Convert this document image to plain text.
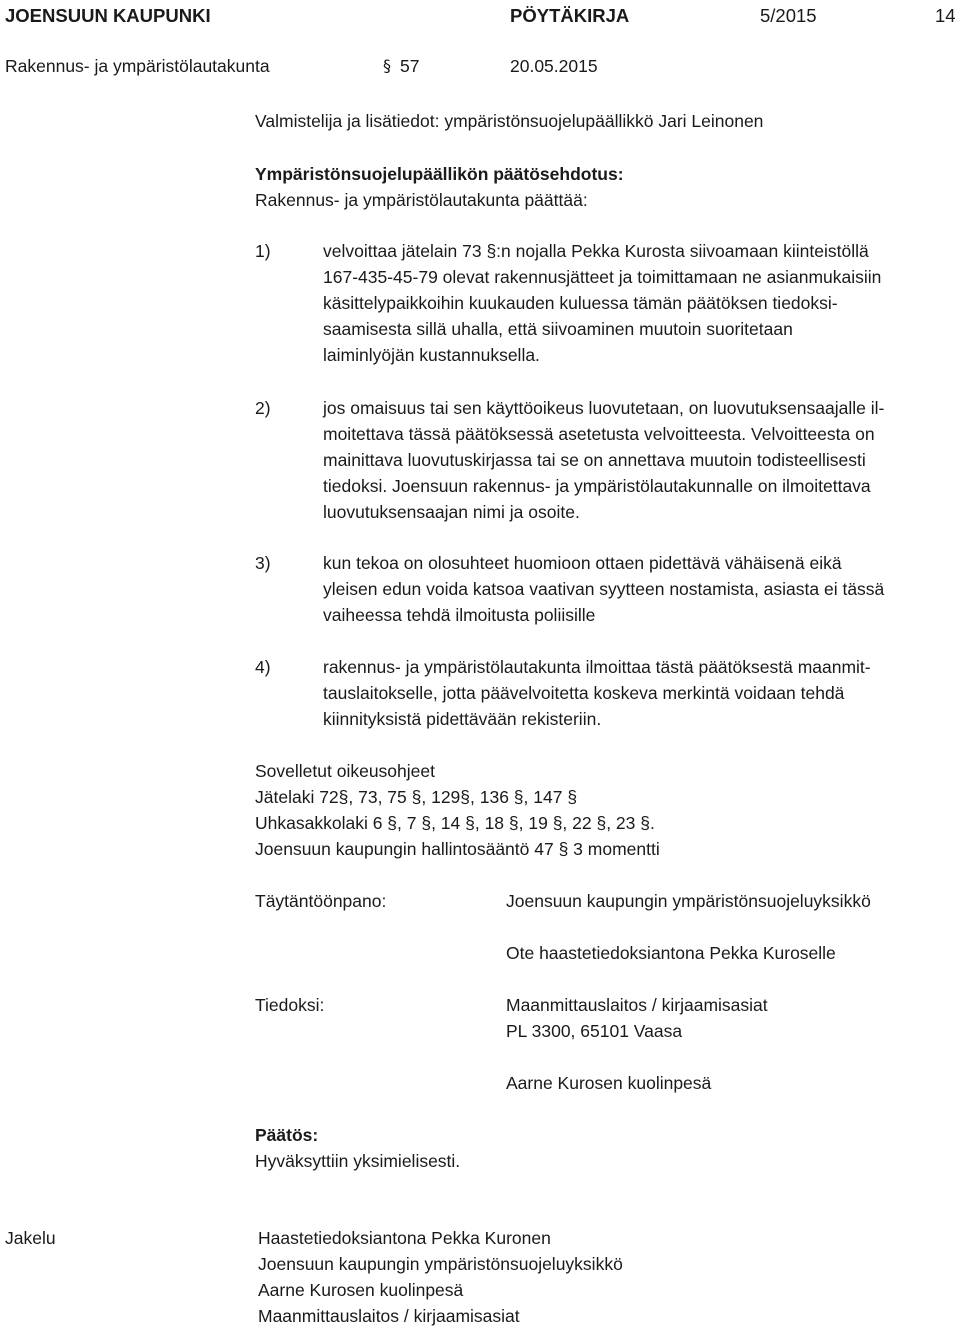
JOENSUUN KAUPUNKI	PÖYTÄKIRJA	5/2015	14
Rakennus- ja ympäristölautakunta	§ 57	20.05.2015
Valmistelija ja lisätiedot: ympäristönsuojelupäällikkö Jari Leinonen
Ympäristönsuojelupäällikön päätösehdotus:
Rakennus- ja ympäristölautakunta päättää:
1)	velvoittaa jätelain 73 §:n nojalla Pekka Kurosta siivoamaan kiinteistöllä
167-435-45-79 olevat rakennusjätteet ja toimittamaan ne asianmukaisiin
käsittelypaikkoihin kuukauden kuluessa tämän päätöksen tiedoksi-
saamisesta sillä uhalla, että siivoaminen muutoin suoritetaan
laiminlyöjän kustannuksella.
2)	jos omaisuus tai sen käyttöoikeus luovutetaan, on luovutuksensaajalle il-
moitettava tässä päätöksessä asetetusta velvoitteesta. Velvoitteesta on
mainittava luovutuskirjassa tai se on annettava muutoin todisteellisesti
tiedoksi. Joensuun rakennus- ja ympäristölautakunnalle on ilmoitettava
luovutuksensaajan nimi ja osoite.
3)	kun tekoa on olosuhteet huomioon ottaen pidettävä vähäisenä eikä
yleisen edun voida katsoa vaativan syytteen nostamista, asiasta ei tässä
vaiheessa tehdä ilmoitusta poliisille
4)	rakennus- ja ympäristölautakunta ilmoittaa tästä päätöksestä maanmit-
tauslaitokselle, jotta päävelvoitetta koskeva merkintä voidaan tehdä
kiinnityksistä pidettävään rekisteriin.
Sovelletut oikeusohjeet
Jätelaki 72§, 73, 75 §, 129§, 136 §, 147 §
Uhkasakkolaki 6 §, 7 §, 14 §, 18 §, 19 §, 22 §, 23 §.
Joensuun kaupungin hallintosääntö 47 § 3 momentti
Täytäntöönpano:	Joensuun kaupungin ympäristönsuojeluyksikkö
Ote haastetiedoksiantona Pekka Kuroselle
Tiedoksi:	Maanmittauslaitos / kirjaamisasiat
PL 3300, 65101 Vaasa
Aarne Kurosen kuolinpesä
Päätös:
Hyväksyttiin yksimielisesti.
Jakelu	Haastetiedoksiantona Pekka Kuronen
Joensuun kaupungin ympäristönsuojeluyksikkö
Aarne Kurosen kuolinpesä
Maanmittauslaitos / kirjaamisasiat
